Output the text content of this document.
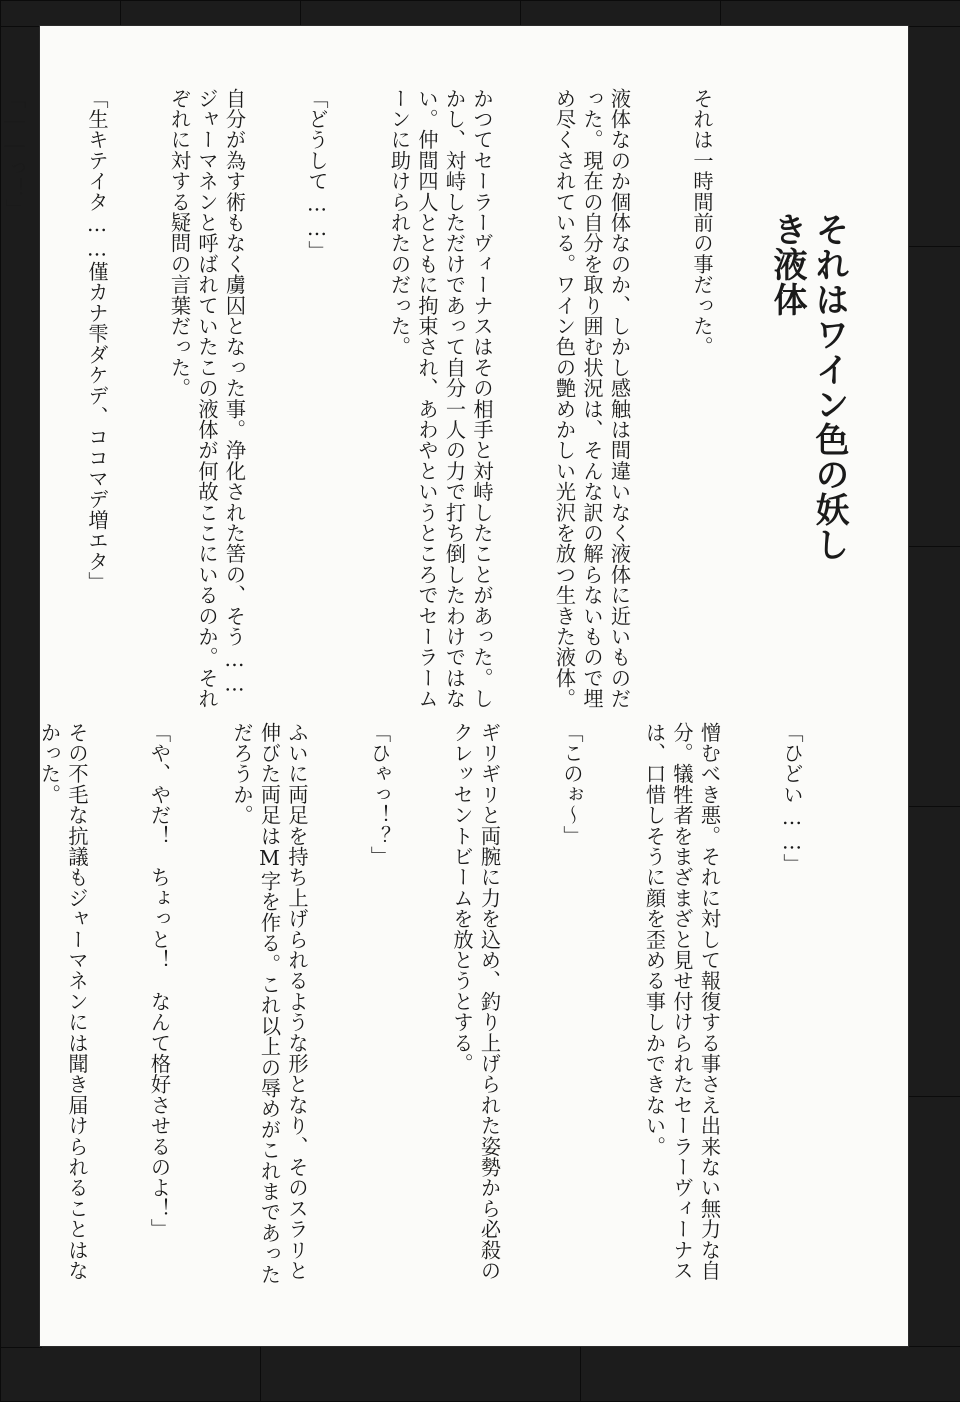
それはワイン色の妖しき液体

それは一時間前の事だった。

液体なのか個体なのか、しかし感触は間違いなく液体に近いものだった。現在の自分を取り囲む状況は、そんな訳の解らないもので埋め尽くされている。ワイン色の艶めかしい光沢を放つ生きた液体。

かつてセーラーヴィーナスはその相手と対峙したことがあった。しかし、対峙しただけであって自分一人の力で打ち倒したわけではない。仲間四人とともに拘束され、あわやというところでセーラームーンに助けられたのだった。

「どうして……」

自分が為す術もなく虜囚となった事。浄化された筈の、そう……ジャーマネンと呼ばれていたこの液体が何故ここにいるのか。それぞれに対する疑問の言葉だった。

「生キテイタ……僅カナ雫ダケデ、ココマデ増エタ」

「――っ！」

「ひどい……」

憎むべき悪。それに対して報復する事さえ出来ない無力な自分。犠牲者をまざまざと見せ付けられたセーラーヴィーナスは、口惜しそうに顔を歪める事しかできない。

「このぉ～」

ギリギリと両腕に力を込め、釣り上げられた姿勢から必殺のクレッセントビームを放とうとする。

「ひゃっ！？」

ふいに両足を持ち上げられるような形となり、そのスラリと伸びた両足はM字を作る。これ以上の辱めがこれまであっただろうか。

「や、やだ！　ちょっと！　なんて格好させるのよ！」

その不毛な抗議もジャーマネンには聞き届けられることはなかった。
